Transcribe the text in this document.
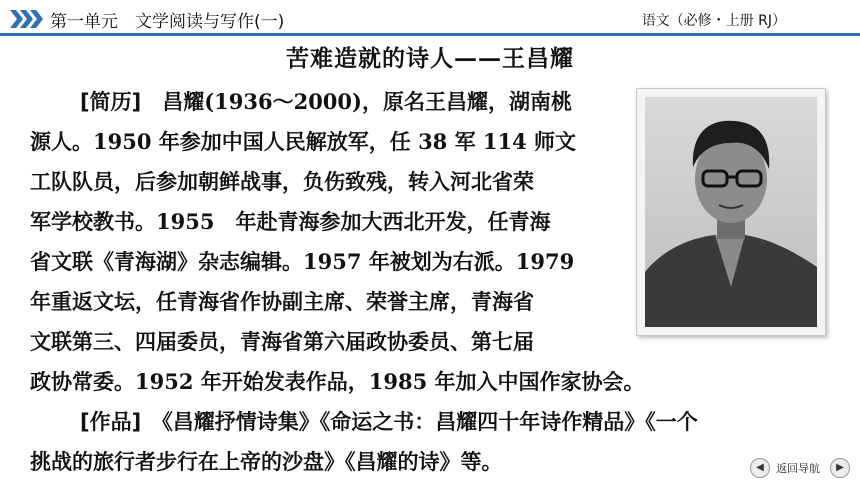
第一单元　文学阅读与写作(一)	语文（必修・上册 RJ）
苦难造就的诗人——王昌耀

[简历]　 昌耀(1936～2000)，原名王昌耀，湖南桃
源人。1950 年参加中国人民解放军，任 38 军 114 师文
工队队员，后参加朝鲜战事，负伤致残，转入河北省荣
军学校教书。1955　年赴青海参加大西北开发，任青海
省文联《青海湖》杂志编辑。1957 年被划为右派。1979
年重返文坛，任青海省作协副主席、荣誉主席，青海省
文联第三、四届委员，青海省第六届政协委员、第七届
政协常委。1952 年开始发表作品，1985 年加入中国作家协会。

[作品]　 《昌耀抒情诗集》《命运之书：昌耀四十年诗作精品》《一个
挑战的旅行者步行在上帝的沙盘》《昌耀的诗》等。	◀	返回导航	▶
